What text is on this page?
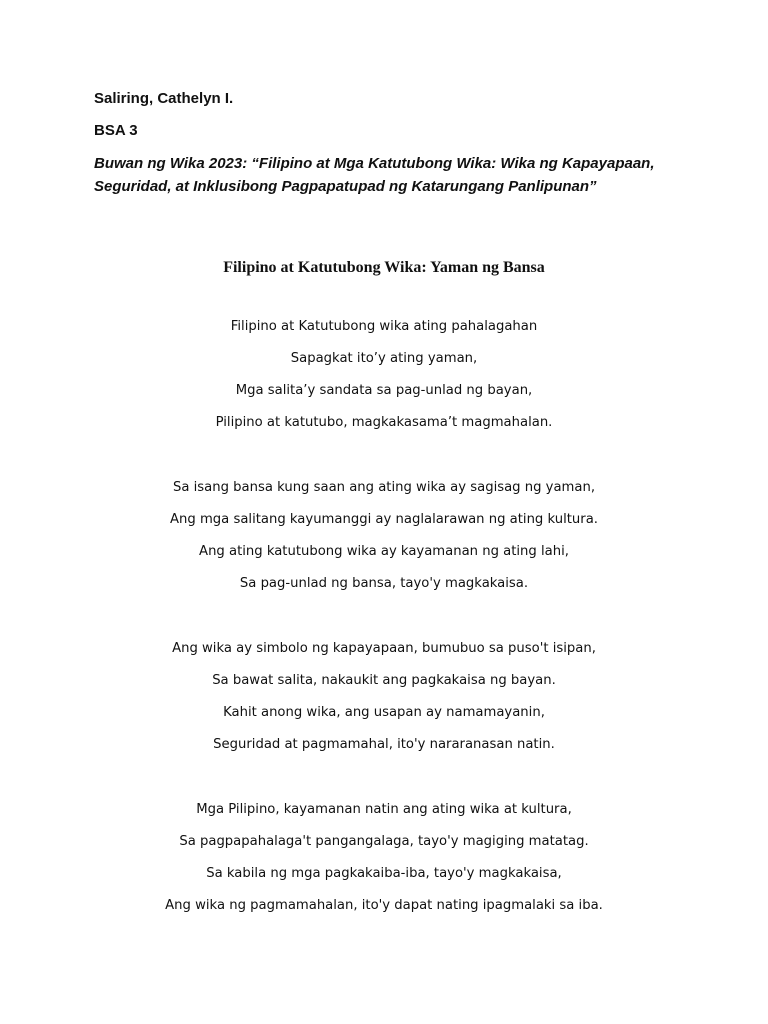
Saliring, Cathelyn I.
BSA 3
Buwan ng Wika 2023: “Filipino at Mga Katutubong Wika: Wika ng Kapayapaan, Seguridad, at Inklusibong Pagpapatupad ng Katarungang Panlipunan”
Filipino at Katutubong Wika: Yaman ng Bansa
Filipino at Katutubong wika ating pahalagahan
Sapagkat ito’y ating yaman,
Mga salita’y sandata sa pag-unlad ng bayan,
Pilipino at katutubo, magkakasama’t magmahalan.
Sa isang bansa kung saan ang ating wika ay sagisag ng yaman,
Ang mga salitang kayumanggi ay naglalarawan ng ating kultura.
Ang ating katutubong wika ay kayamanan ng ating lahi,
Sa pag-unlad ng bansa, tayo'y magkakaisa.
Ang wika ay simbolo ng kapayapaan, bumubuo sa puso't isipan,
Sa bawat salita, nakaukit ang pagkakaisa ng bayan.
Kahit anong wika, ang usapan ay namamayanin,
Seguridad at pagmamahal, ito'y nararanasan natin.
Mga Pilipino, kayamanan natin ang ating wika at kultura,
Sa pagpapahalaga't pangangalaga, tayo'y magiging matatag.
Sa kabila ng mga pagkakaiba-iba, tayo'y magkakaisa,
Ang wika ng pagmamahalan, ito'y dapat nating ipagmalaki sa iba.
